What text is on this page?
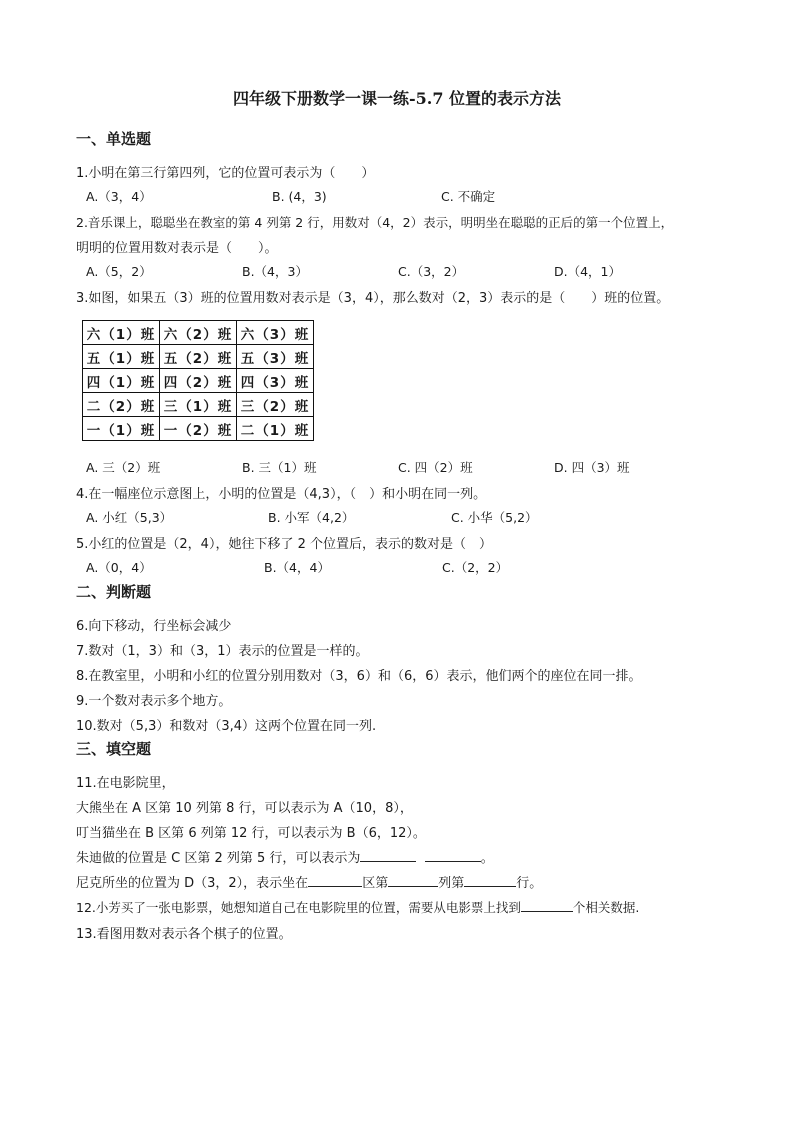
四年级下册数学一课一练-5.7 位置的表示方法
一、单选题
1.小明在第三行第四列，它的位置可表示为（　　）
A.（3，4）	B. (4，3)	C. 不确定
2.音乐课上，聪聪坐在教室的第 4 列第 2 行，用数对（4，2）表示，明明坐在聪聪的正后的第一个位置上，
明明的位置用数对表示是（　　）。
A.（5，2）	B.（4，3）	C.（3，2）	D.（4，1）
3.如图，如果五（3）班的位置用数对表示是（3，4），那么数对（2，3）表示的是（　　）班的位置。
六（1）班	六（2）班	六（3）班
五（1）班	五（2）班	五（3）班
四（1）班	四（2）班	四（3）班
二（2）班	三（1）班	三（2）班
一（1）班	一（2）班	二（1）班
A. 三（2）班	B. 三（1）班	C. 四（2）班	D. 四（3）班
4.在一幅座位示意图上，小明的位置是（4,3），（　）和小明在同一列。
A. 小红（5,3）	B. 小军（4,2）	C. 小华（5,2）
5.小红的位置是（2，4），她往下移了 2 个位置后，表示的数对是（　）
A.（0，4）	B.（4，4）	C.（2，2）
二、判断题
6.向下移动，行坐标会减少
7.数对（1，3）和（3，1）表示的位置是一样的。
8.在教室里，小明和小红的位置分别用数对（3，6）和（6，6）表示，他们两个的座位在同一排。
9.一个数对表示多个地方。
10.数对（5,3）和数对（3,4）这两个位置在同一列.
三、填空题
11.在电影院里，
大熊坐在 A 区第 10 列第 8 行，可以表示为 A（10，8），
叮当猫坐在 B 区第 6 列第 12 行，可以表示为 B（6，12）。
朱迪做的位置是 C 区第 2 列第 5 行，可以表示为	。
尼克所坐的位置为 D（3，2），表示坐在	区第	列第	行。
12.小芳买了一张电影票，她想知道自己在电影院里的位置，需要从电影票上找到	个相关数据.
13.看图用数对表示各个棋子的位置。
